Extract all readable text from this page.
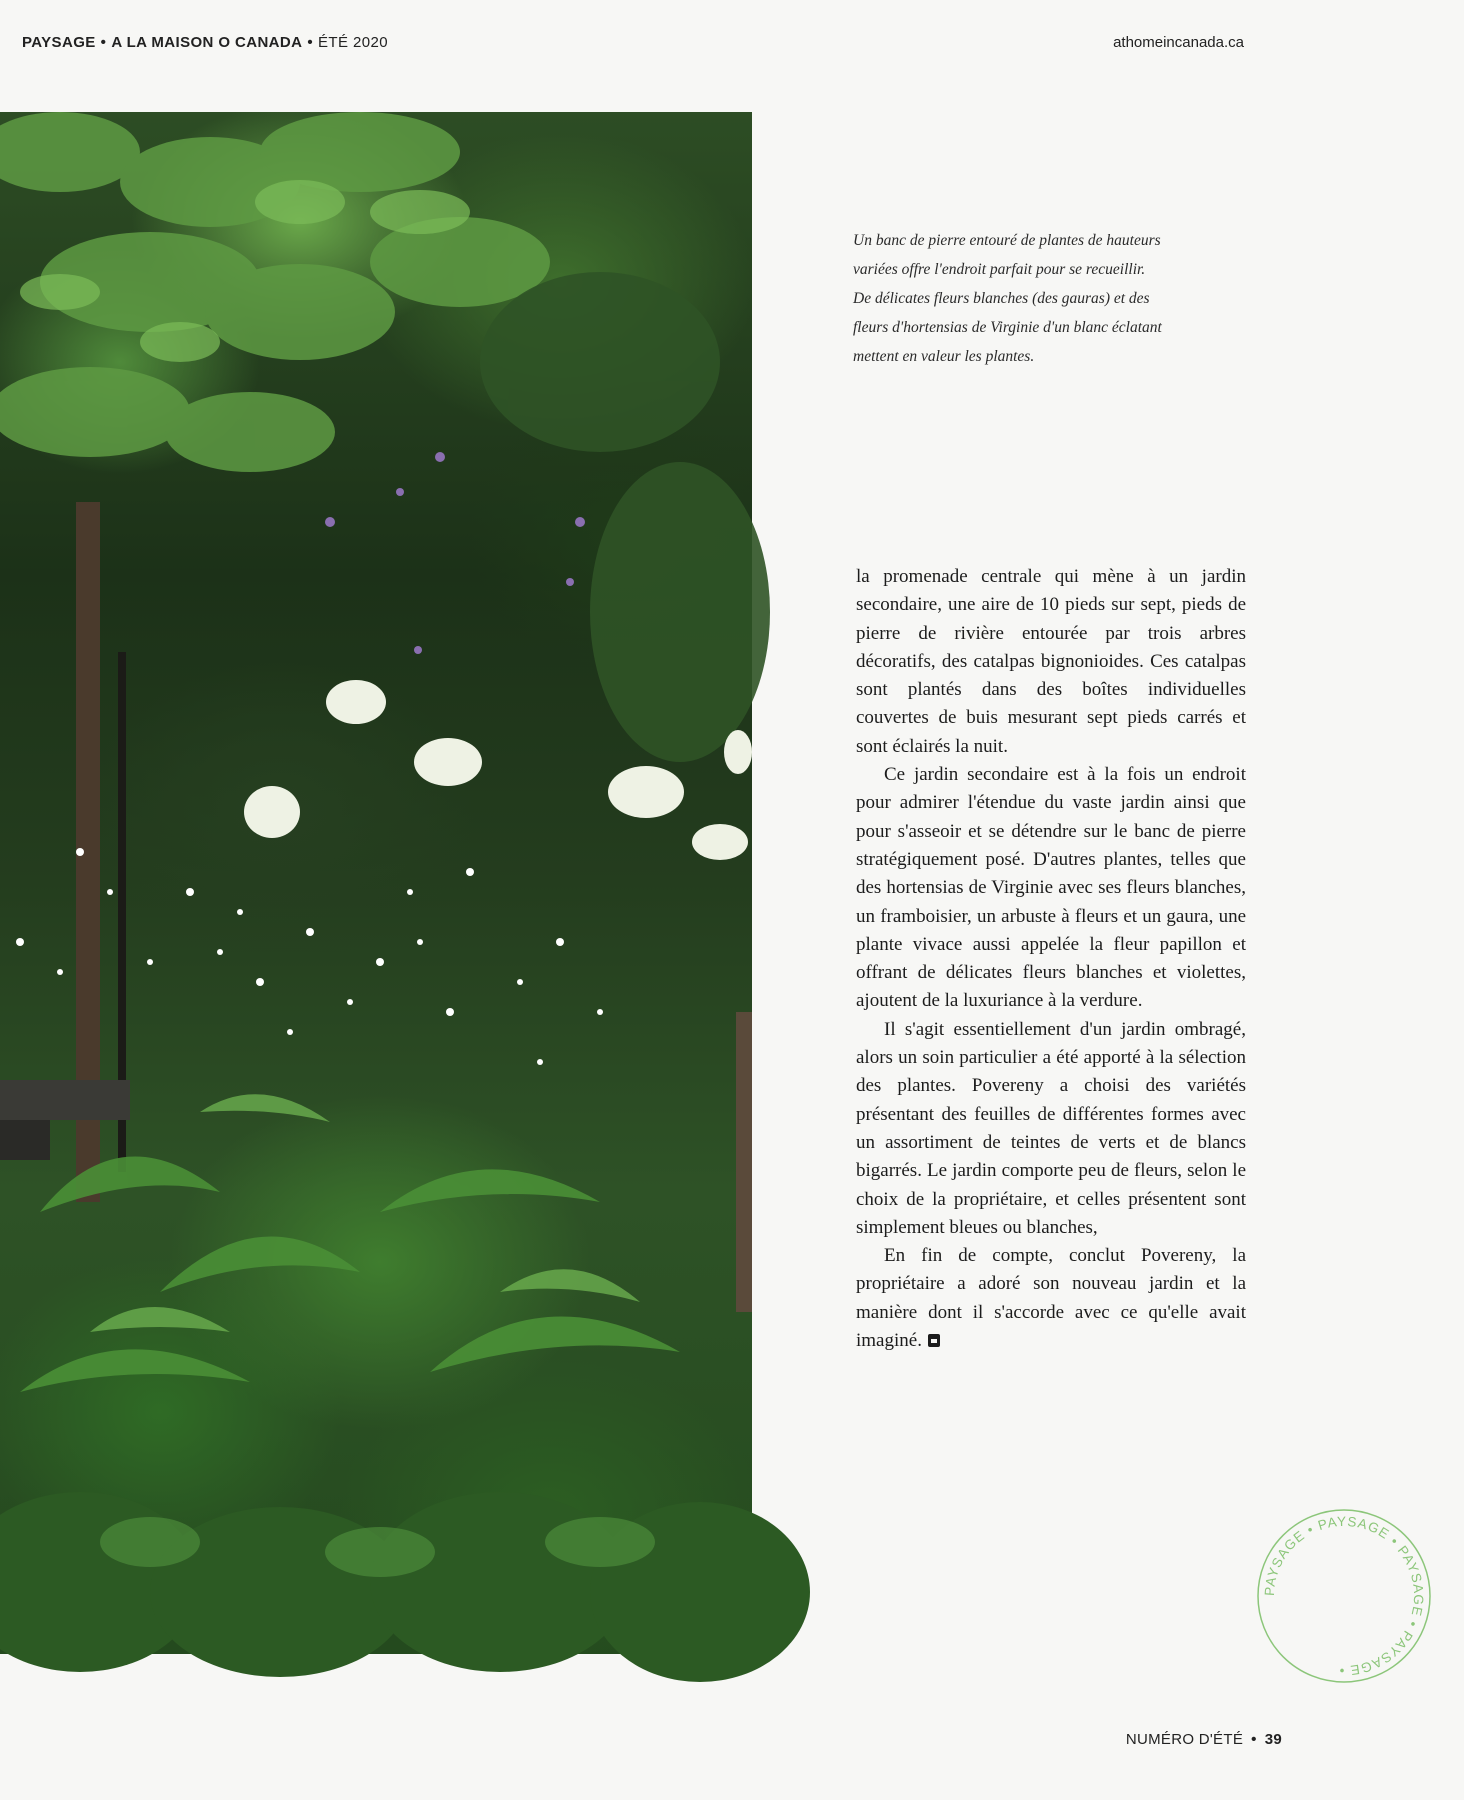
PAYSAGE • A LA MAISON O CANADA • ÉTÉ 2020	athomeincanada.ca

Un banc de pierre entouré de plantes de hauteurs

variées offre l'endroit parfait pour se recueillir.

De délicates fleurs blanches (des gauras) et des

fleurs d'hortensias de Virginie d'un blanc éclatant

mettent en valeur les plantes.

la promenade centrale qui mène à un jardin secondaire, une aire de 10 pieds sur sept, pieds de pierre de rivière entourée par trois arbres décoratifs, des catalpas bignonioides. Ces catalpas sont plantés dans des boîtes individuelles couvertes de buis mesurant sept pieds carrés et sont éclairés la nuit.

Ce jardin secondaire est à la fois un endroit pour admirer l'étendue du vaste jardin ainsi que pour s'asseoir et se détendre sur le banc de pierre stratégiquement posé. D'autres plantes, telles que des hortensias de Virginie avec ses fleurs blanches, un framboisier, un arbuste à fleurs et un gaura, une plante vivace aussi appelée la fleur papillon et offrant de délicates fleurs blanches et violettes, ajoutent de la luxuriance à la verdure.

Il s'agit essentiellement d'un jardin ombragé, alors un soin particulier a été apporté à la sélection des plantes. Povereny a choisi des variétés présentant des feuilles de différentes formes avec un assortiment de teintes de verts et de blancs bigarrés. Le jardin comporte peu de fleurs, selon le choix de la propriétaire, et celles présentent sont simplement bleues ou blanches,

En fin de compte, conclut Povereny, la propriétaire a adoré son nouveau jardin et la manière dont il s'accorde avec ce qu'elle avait imaginé.

PAYSAGE • PAYSAGE • PAYSAGE • PAYSAGE •
NUMÉRO D'ÉTÉ • 39
